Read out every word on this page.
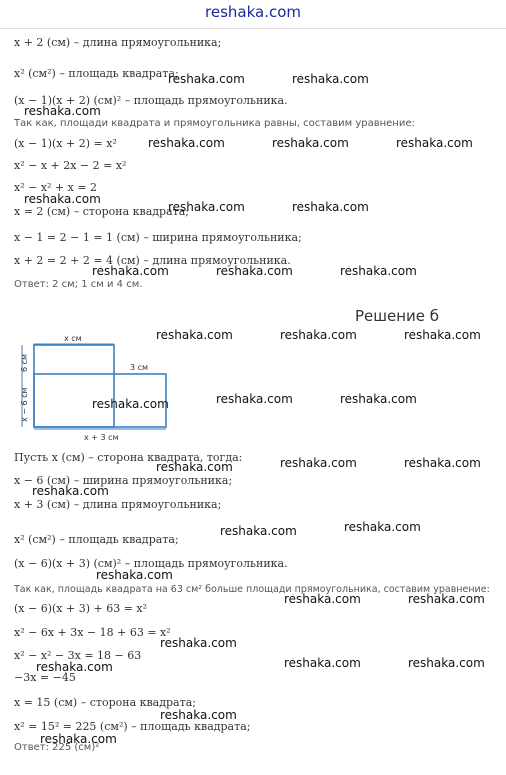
reshaka.com
x + 2 (см) – длина прямоугольника;
x² (см²) – площадь квадрата;
(x − 1)(x + 2) (см)² – площадь прямоугольника.
Так как, площади квадрата и прямоугольника равны, составим уравнение:
(x − 1)(x + 2) = x²
x² − x + 2x − 2 = x²
x² − x² + x = 2
x = 2 (см) – сторона квадрата;
x − 1 = 2 − 1 = 1 (см) – ширина прямоугольника;
x + 2 = 2 + 2 = 4 (см) – длина прямоугольника.
Ответ: 2 см; 1 см и 4 см.
Решение б
x см
6 см
x − 6 см
3 см
x + 3 см
Пусть x (см) – сторона квадрата, тогда:
x − 6 (см) – ширина прямоугольника;
x + 3 (см) – длина прямоугольника;
x² (см²) – площадь квадрата;
(x − 6)(x + 3) (см)² – площадь прямоугольника.
Так как, площадь квадрата на 63 см² больше площади прямоугольника, составим уравнение:
(x − 6)(x + 3) + 63 = x²
x² − 6x + 3x − 18 + 63 = x²
x² − x² − 3x = 18 − 63
−3x = −45
x = 15 (см) – сторона квадрата;
x² = 15² = 225 (см²) – площадь квадрата;
Ответ: 225 (см)²
reshaka.com	reshaka.com
reshaka.com
reshaka.com	reshaka.com	reshaka.com
reshaka.com
reshaka.com	reshaka.com
reshaka.com	reshaka.com	reshaka.com
reshaka.com	reshaka.com	reshaka.com
reshaka.com	reshaka.com	reshaka.com
reshaka.com	reshaka.com	reshaka.com
reshaka.com
reshaka.com	reshaka.com
reshaka.com
reshaka.com	reshaka.com
reshaka.com
reshaka.com	reshaka.com	reshaka.com
reshaka.com
reshaka.com
